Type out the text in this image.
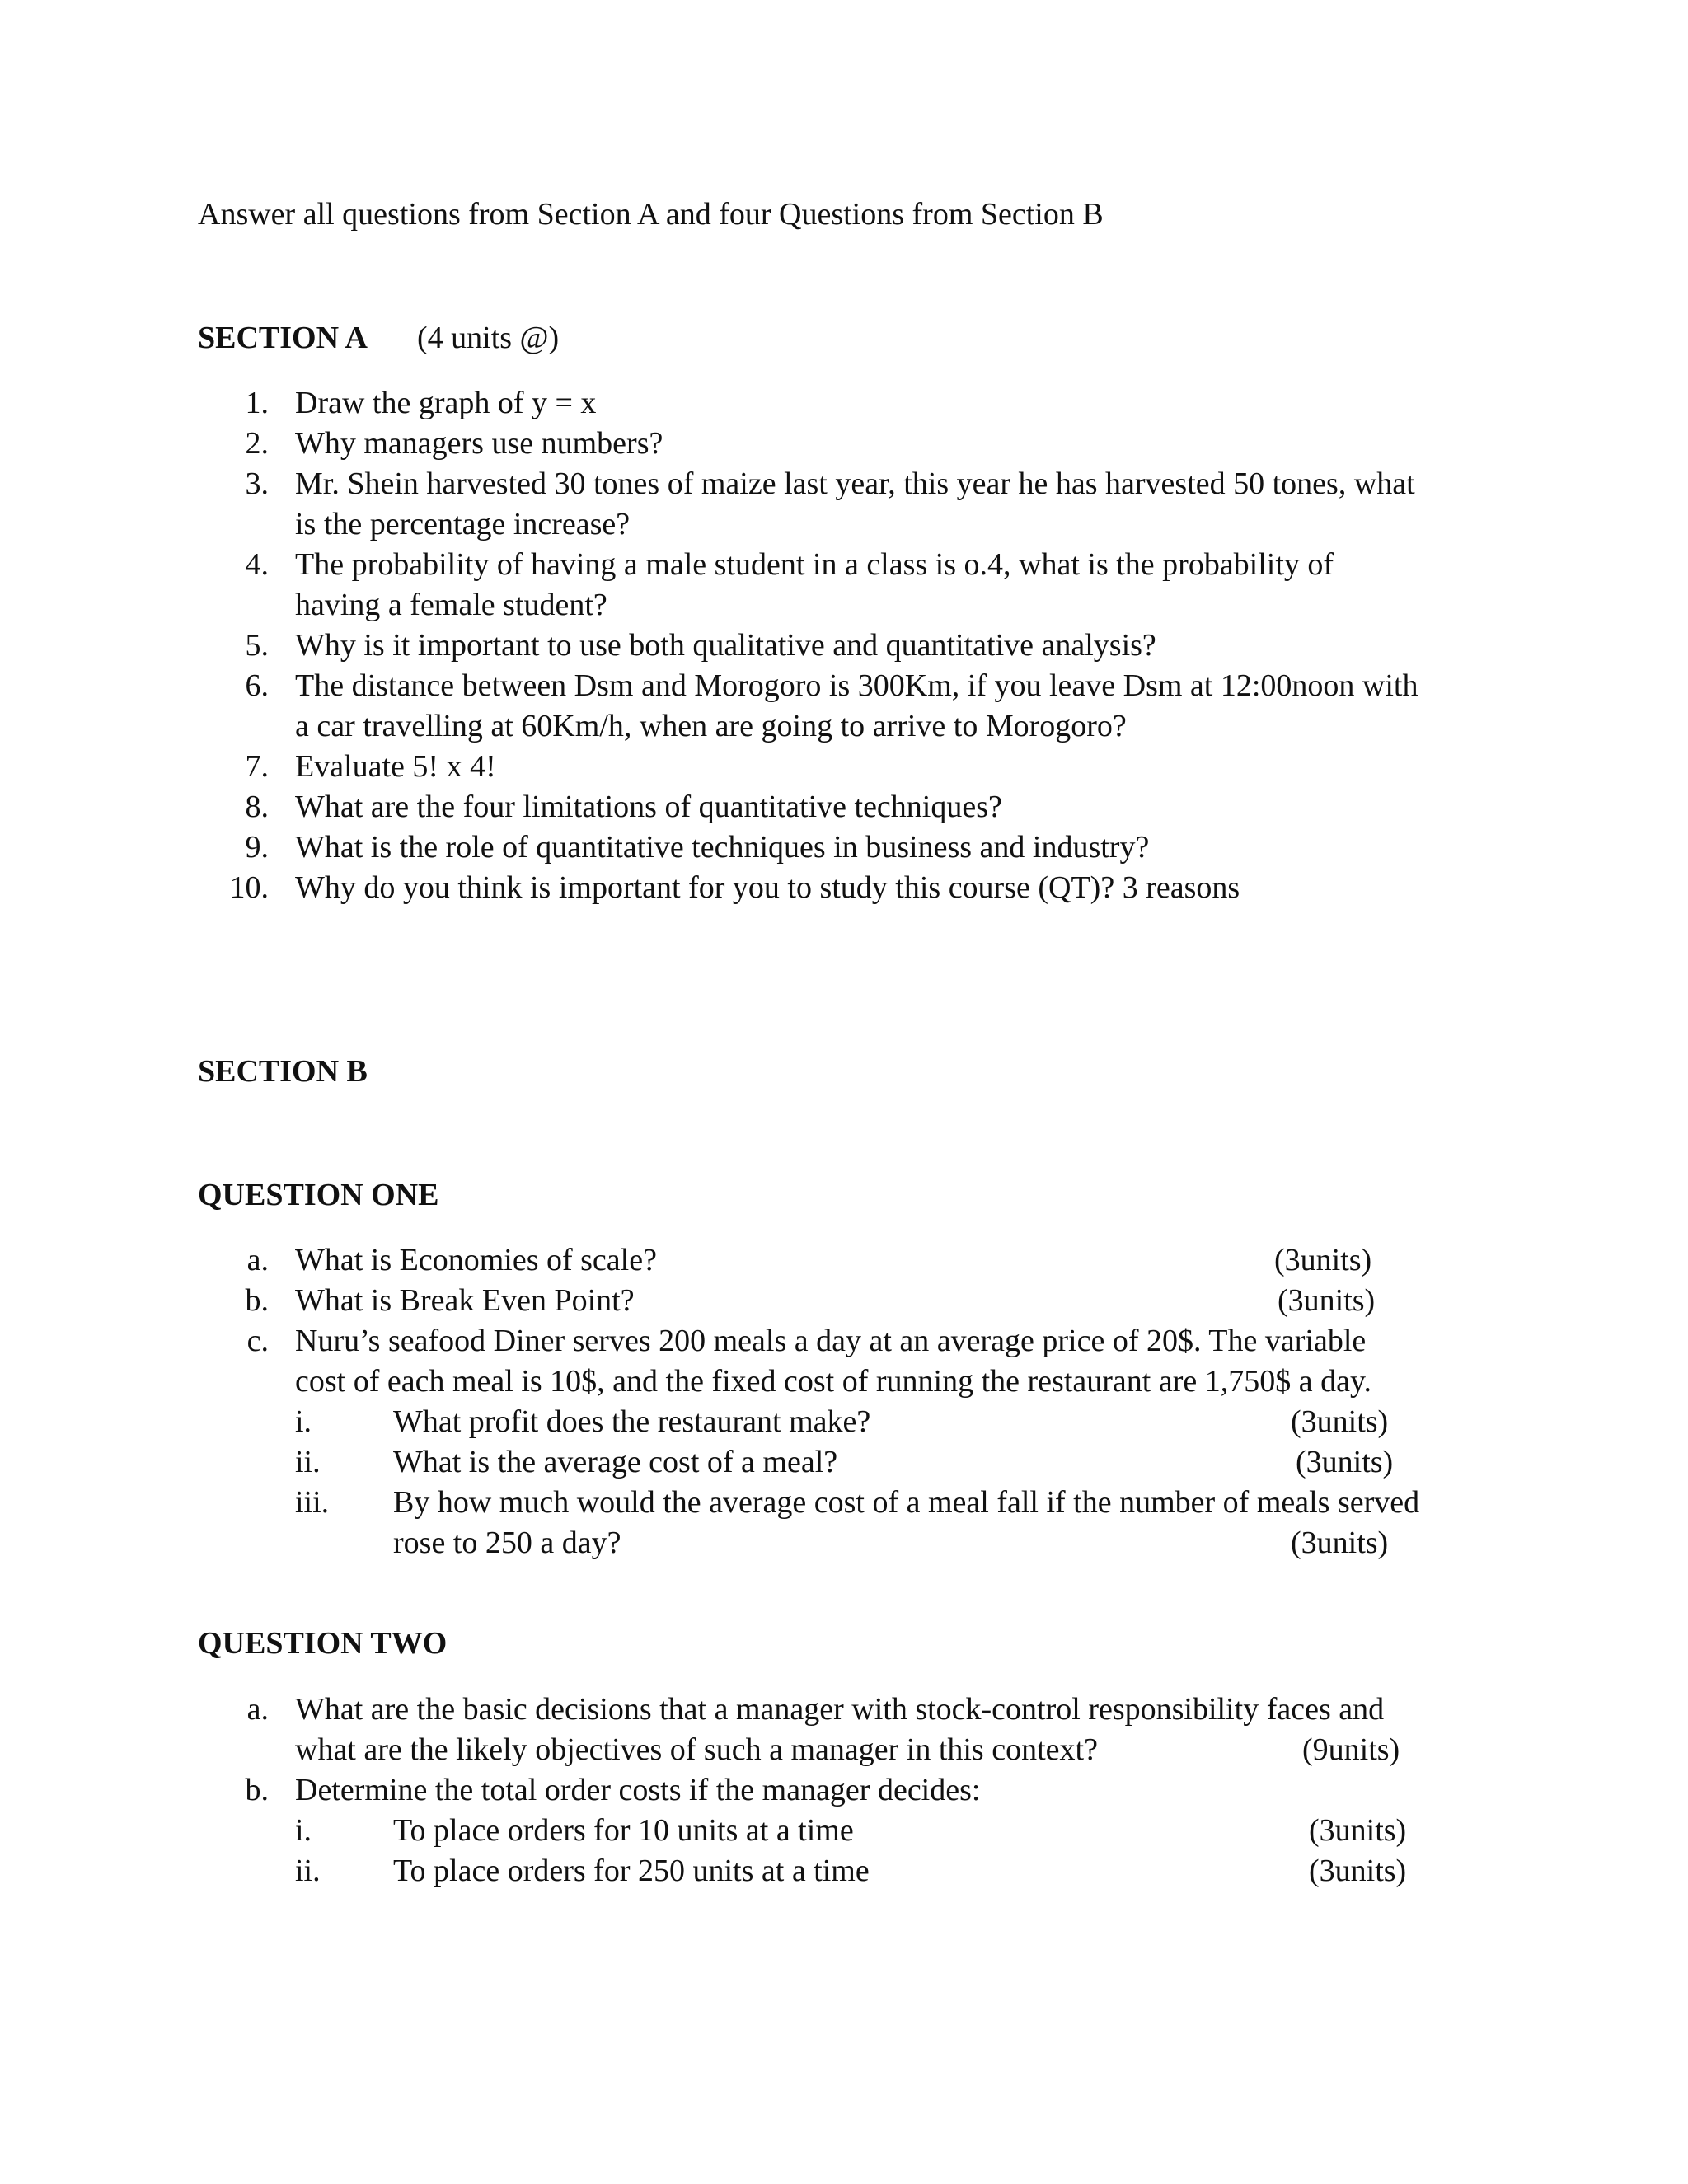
Answer all questions from Section A and four Questions from Section B
SECTION A (4 units @)
1. Draw the graph of y = x
2. Why managers use numbers?
3. Mr. Shein harvested 30 tones of maize last year, this year he has harvested 50 tones, what
is the percentage increase?
4. The probability of having a male student in a class is o.4, what is the probability of
having a female student?
5. Why is it important to use both qualitative and quantitative analysis?
6. The distance between Dsm and Morogoro is 300Km, if you leave Dsm at 12:00noon with
a car travelling at 60Km/h, when are going to arrive to Morogoro?
7. Evaluate 5! x 4!
8. What are the four limitations of quantitative techniques?
9. What is the role of quantitative techniques in business and industry?
10. Why do you think is important for you to study this course (QT)? 3 reasons
SECTION B
QUESTION ONE
a. What is Economies of scale?	(3units)
b. What is Break Even Point?	(3units)
c. Nuru’s seafood Diner serves 200 meals a day at an average price of 20$. The variable
cost of each meal is 10$, and the fixed cost of running the restaurant are 1,750$ a day.
i.	What profit does the restaurant make?	(3units)
ii. What is the average cost of a meal?	(3units)
iii. By how much would the average cost of a meal fall if the number of meals served
rose to 250 a day?	(3units)
QUESTION TWO
a. What are the basic decisions that a manager with stock-control responsibility faces and
what are the likely objectives of such a manager in this context?	(9units)
b. Determine the total order costs if the manager decides:
i.	To place orders for 10 units at a time	(3units)
ii. To place orders for 250 units at a time	(3units)
